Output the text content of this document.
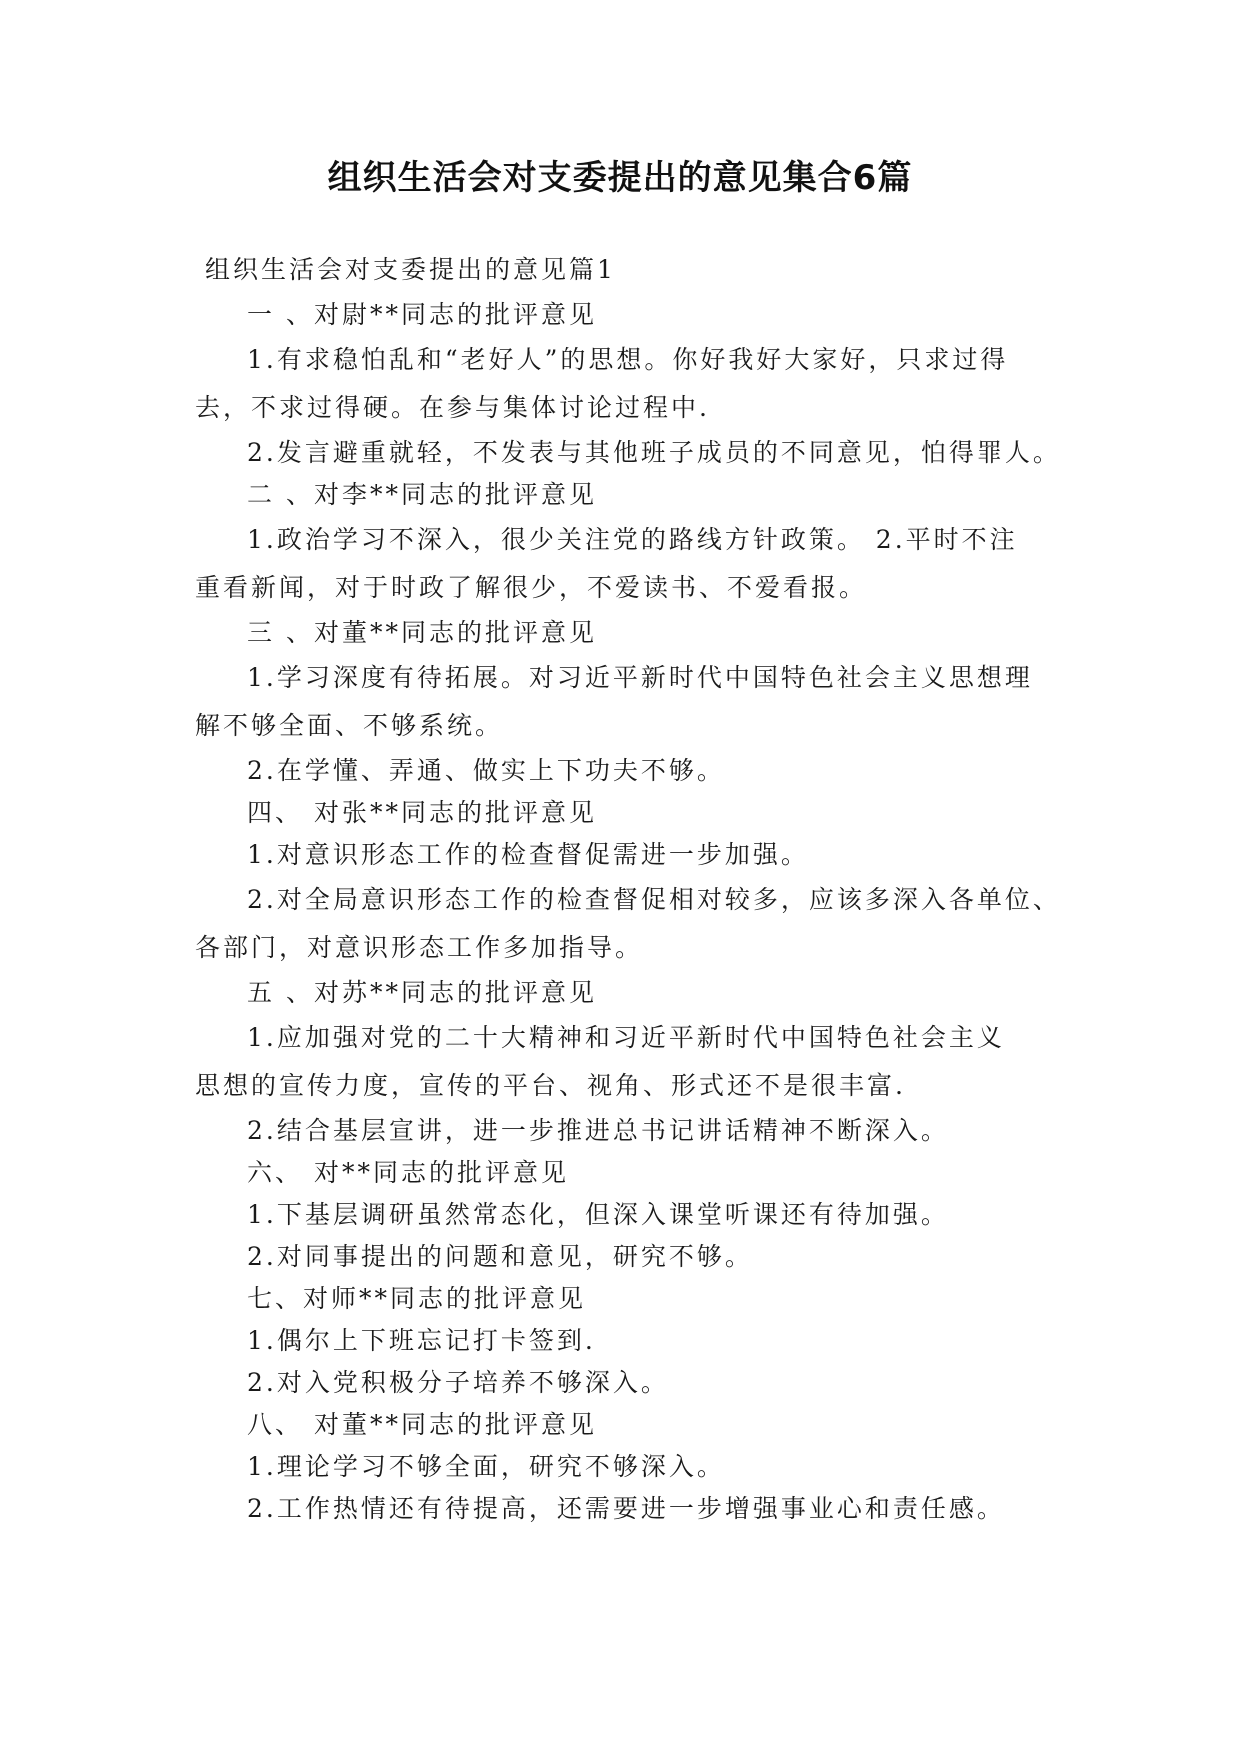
组织生活会对支委提出的意见集合6篇
组织生活会对支委提出的意见篇1
一 、对尉**同志的批评意见
1.有求稳怕乱和“老好人”的思想。你好我好大家好，只求过得
去，不求过得硬。在参与集体讨论过程中.
2.发言避重就轻，不发表与其他班子成员的不同意见，怕得罪人。
二 、对李**同志的批评意见
1.政治学习不深入，很少关注党的路线方针政策。 2.平时不注
重看新闻，对于时政了解很少，不爱读书、不爱看报。
三 、对董**同志的批评意见
1.学习深度有待拓展。对习近平新时代中国特色社会主义思想理
解不够全面、不够系统。
2.在学懂、弄通、做实上下功夫不够。
四、 对张**同志的批评意见
1.对意识形态工作的检查督促需进一步加强。
2.对全局意识形态工作的检查督促相对较多，应该多深入各单位、
各部门，对意识形态工作多加指导。
五 、对苏**同志的批评意见
1.应加强对党的二十大精神和习近平新时代中国特色社会主义
思想的宣传力度，宣传的平台、视角、形式还不是很丰富.
2.结合基层宣讲，进一步推进总书记讲话精神不断深入。
六、 对**同志的批评意见
1.下基层调研虽然常态化，但深入课堂听课还有待加强。
2.对同事提出的问题和意见，研究不够。
七、对师**同志的批评意见
1.偶尔上下班忘记打卡签到.
2.对入党积极分子培养不够深入。
八、 对董**同志的批评意见
1.理论学习不够全面，研究不够深入。
2.工作热情还有待提高，还需要进一步增强事业心和责任感。
